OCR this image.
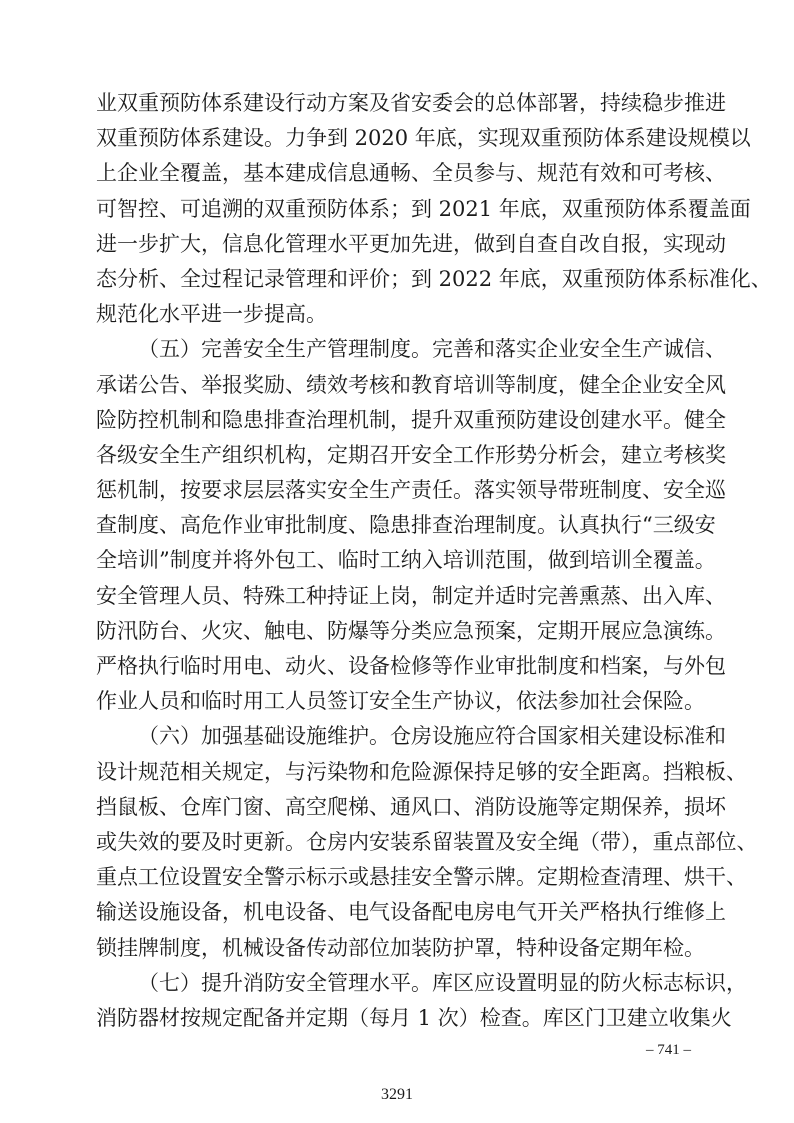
业双重预防体系建设行动方案及省安委会的总体部署，持续稳步推进
双重预防体系建设。力争到 2020 年底，实现双重预防体系建设规模以
上企业全覆盖，基本建成信息通畅、全员参与、规范有效和可考核、
可智控、可追溯的双重预防体系；到 2021 年底，双重预防体系覆盖面
进一步扩大，信息化管理水平更加先进，做到自查自改自报，实现动
态分析、全过程记录管理和评价；到 2022 年底，双重预防体系标准化、
规范化水平进一步提高。
（五）完善安全生产管理制度。完善和落实企业安全生产诚信、
承诺公告、举报奖励、绩效考核和教育培训等制度，健全企业安全风
险防控机制和隐患排查治理机制，提升双重预防建设创建水平。健全
各级安全生产组织机构，定期召开安全工作形势分析会，建立考核奖
惩机制，按要求层层落实安全生产责任。落实领导带班制度、安全巡
查制度、高危作业审批制度、隐患排查治理制度。认真执行“三级安
全培训”制度并将外包工、临时工纳入培训范围，做到培训全覆盖。
安全管理人员、特殊工种持证上岗，制定并适时完善熏蒸、出入库、
防汛防台、火灾、触电、防爆等分类应急预案，定期开展应急演练。
严格执行临时用电、动火、设备检修等作业审批制度和档案，与外包
作业人员和临时用工人员签订安全生产协议，依法参加社会保险。
（六）加强基础设施维护。仓房设施应符合国家相关建设标准和
设计规范相关规定，与污染物和危险源保持足够的安全距离。挡粮板、
挡鼠板、仓库门窗、高空爬梯、通风口、消防设施等定期保养，损坏
或失效的要及时更新。仓房内安装系留装置及安全绳（带），重点部位、
重点工位设置安全警示标示或悬挂安全警示牌。定期检查清理、烘干、
输送设施设备，机电设备、电气设备配电房电气开关严格执行维修上
锁挂牌制度，机械设备传动部位加装防护罩，特种设备定期年检。
（七）提升消防安全管理水平。库区应设置明显的防火标志标识，
消防器材按规定配备并定期（每月 1 次）检查。库区门卫建立收集火
– 741 –
3291
